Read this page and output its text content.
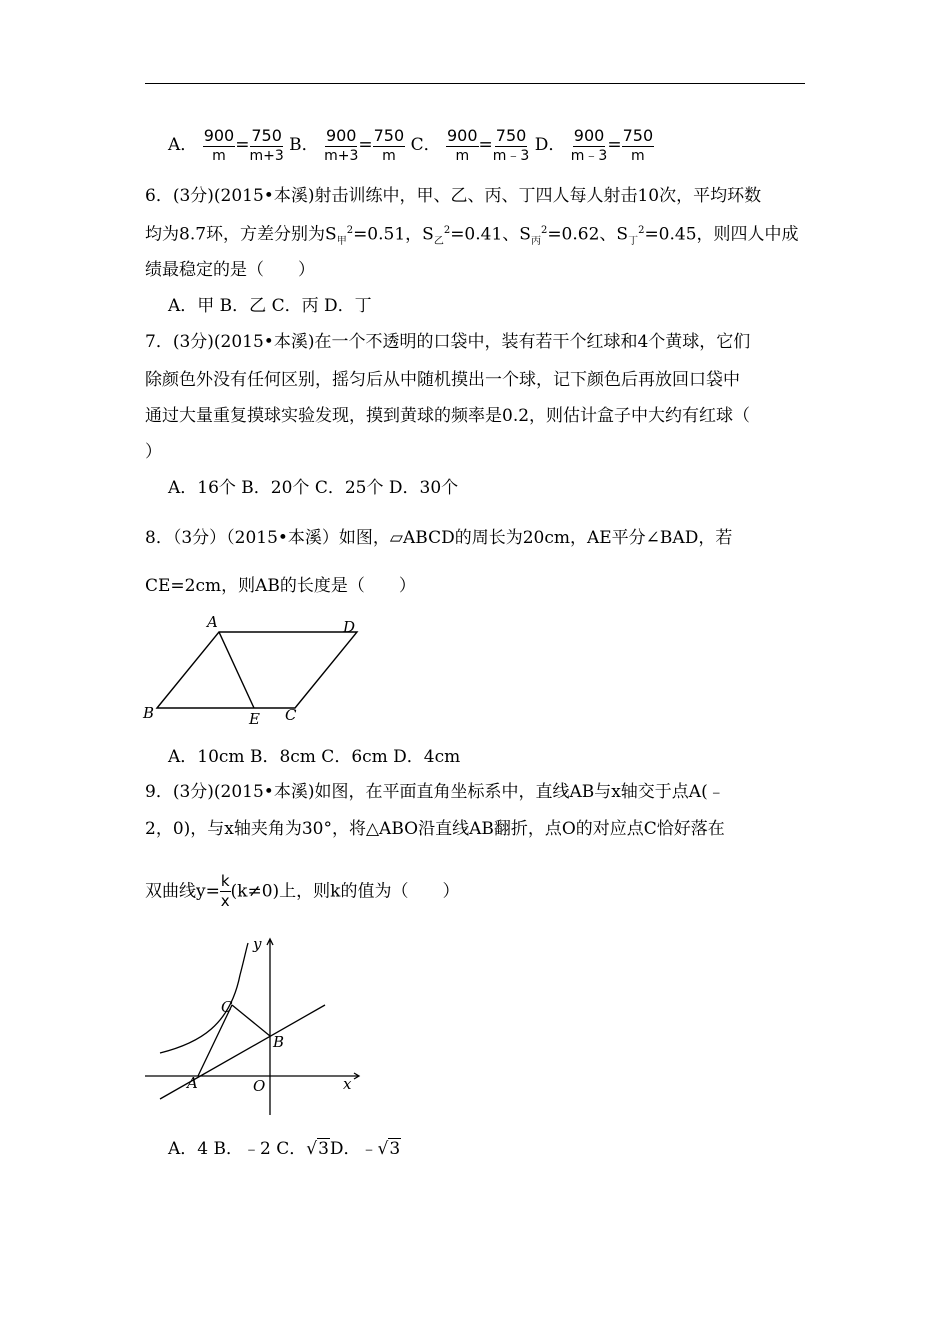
A． $\frac{900}{m} = \frac{750}{m+3}$ B． $\frac{900}{m+3} = \frac{750}{m}$ C． $\frac{900}{m} = \frac{750}{m﹣3}$ D． $\frac{900}{m﹣3} = \frac{750}{m}$
6．(3分)(2015•本溪)射击训练中，甲、乙、丙、丁四人每人射击10次，平均环数
均为8.7环，方差分别为$S_甲^2=0.51$，$S_乙^2=0.41$、$S_丙^2=0.62$、$S_丁^2=0.45$，则四人中成
绩最稳定的是（　　）
A．甲 B．乙 C．丙 D．丁
7．(3分)(2015•本溪)在一个不透明的口袋中，装有若干个红球和4个黄球，它们
除颜色外没有任何区别，摇匀后从中随机摸出一个球，记下颜色后再放回口袋中
通过大量重复摸球实验发现，摸到黄球的频率是0.2，则估计盒子中大约有红球（
）
A．16个 B．20个 C．25个 D．30个
8．（3分）（2015•本溪）如图，▱ABCD的周长为20cm，AE平分∠BAD，若
CE=2cm，则AB的长度是（　　）
A	D
B	E C
A．10cm B．8cm C．6cm D．4cm
9．(3分)(2015•本溪)如图，在平面直角坐标系中，直线AB与x轴交于点A(﹣
2，0)，与x轴夹角为30°，将△ABO沿直线AB翻折，点O的对应点C恰好落在
双曲线$y= \frac{k}{x} (k\ne 0)$上，则k的值为（　　）
y
x
A
B
C
O
A．4 B．﹣2 C．√3D．﹣√3
